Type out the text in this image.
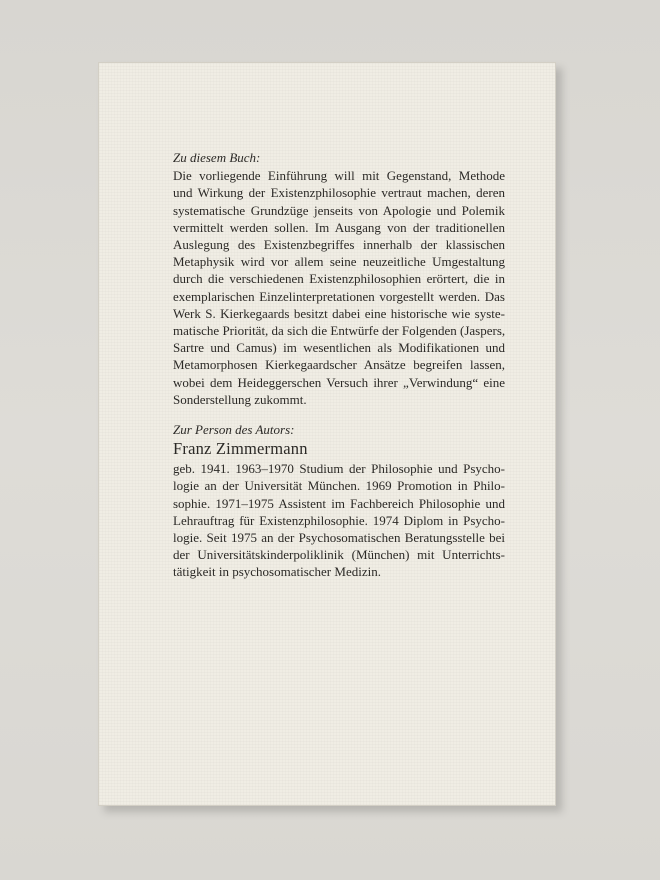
Zu diesem Buch:
Die vorliegende Einführung will mit Gegenstand, Methode
und Wirkung der Existenzphilosophie vertraut machen, deren
systematische Grundzüge jenseits von Apologie und Polemik
vermittelt werden sollen. Im Ausgang von der traditionellen
Auslegung des Existenzbegriffes innerhalb der klassischen
Metaphysik wird vor allem seine neuzeitliche Umgestaltung
durch die verschiedenen Existenzphilosophien erörtert, die in
exemplarischen Einzelinterpretationen vorgestellt werden. Das
Werk S. Kierkegaards besitzt dabei eine historische wie syste-
matische Priorität, da sich die Entwürfe der Folgenden (Jaspers,
Sartre und Camus) im wesentlichen als Modifikationen und
Metamorphosen Kierkegaardscher Ansätze begreifen lassen,
wobei dem Heideggerschen Versuch ihrer „Verwindung“ eine
Sonderstellung zukommt.
Zur Person des Autors:
Franz Zimmermann
geb. 1941. 1963–1970 Studium der Philosophie und Psycho-
logie an der Universität München. 1969 Promotion in Philo-
sophie. 1971–1975 Assistent im Fachbereich Philosophie und
Lehrauftrag für Existenzphilosophie. 1974 Diplom in Psycho-
logie. Seit 1975 an der Psychosomatischen Beratungsstelle bei
der Universitätskinderpoliklinik (München) mit Unterrichts-
tätigkeit in psychosomatischer Medizin.
